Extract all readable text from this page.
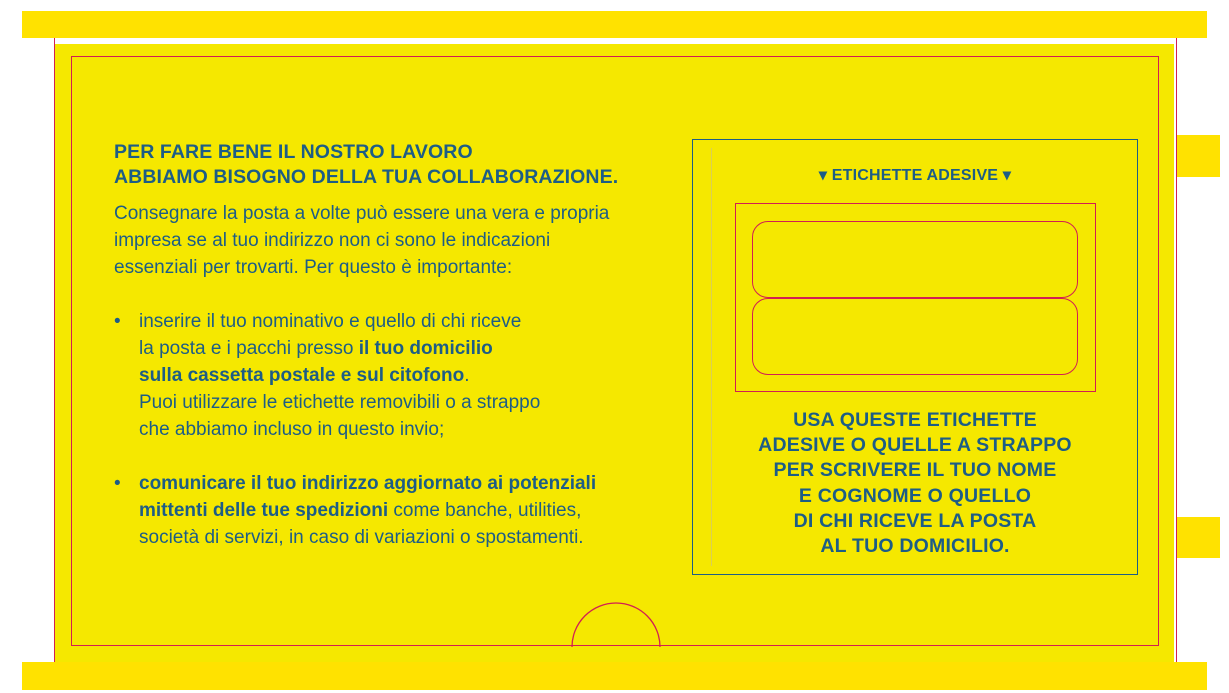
PER FARE BENE IL NOSTRO LAVORO
ABBIAMO BISOGNO DELLA TUA COLLABORAZIONE.
Consegnare la posta a volte può essere una vera e propria
impresa se al tuo indirizzo non ci sono le indicazioni
essenziali per trovarti. Per questo è importante:
• inserire il tuo nominativo e quello di chi riceve
la posta e i pacchi presso il tuo domicilio
sulla cassetta postale e sul citofono.
Puoi utilizzare le etichette removibili o a strappo
che abbiamo incluso in questo invio;
• comunicare il tuo indirizzo aggiornato ai potenziali
mittenti delle tue spedizioni come banche, utilities,
società di servizi, in caso di variazioni o spostamenti.
▾ ETICHETTE ADESIVE ▾
USA QUESTE ETICHETTE
ADESIVE O QUELLE A STRAPPO
PER SCRIVERE IL TUO NOME
E COGNOME O QUELLO
DI CHI RICEVE LA POSTA
AL TUO DOMICILIO.
